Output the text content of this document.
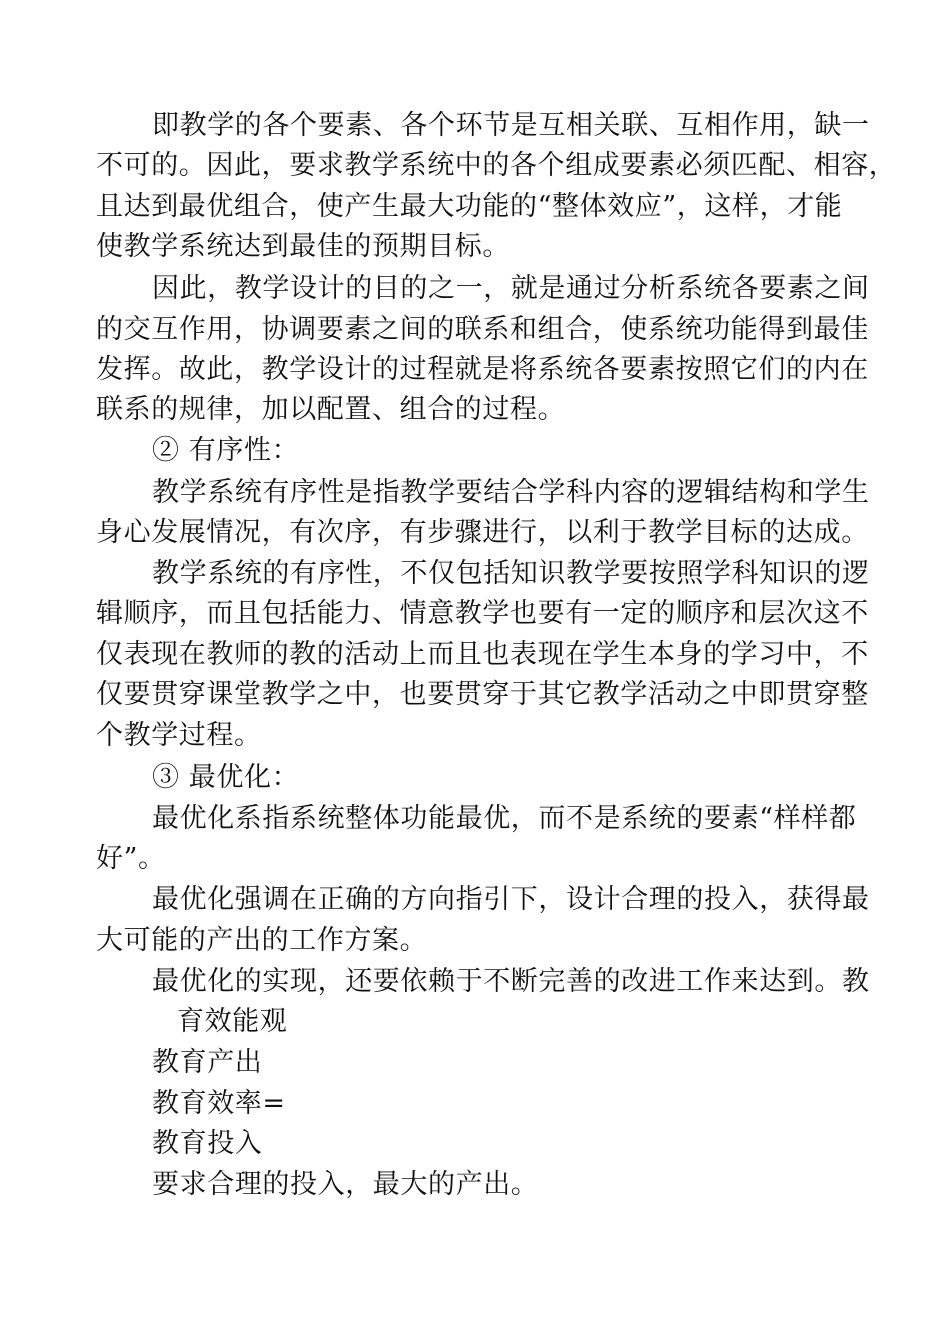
即教学的各个要素、各个环节是互相关联、互相作用，缺一
不可的。因此，要求教学系统中的各个组成要素必须匹配、相容，
且达到最优组合，使产生最大功能的“整体效应”，这样，才能
使教学系统达到最佳的预期目标。
因此，教学设计的目的之一，就是通过分析系统各要素之间
的交互作用，协调要素之间的联系和组合，使系统功能得到最佳
发挥。故此，教学设计的过程就是将系统各要素按照它们的内在
联系的规律，加以配置、组合的过程。
② 有序性：
教学系统有序性是指教学要结合学科内容的逻辑结构和学生
身心发展情况，有次序，有步骤进行，以利于教学目标的达成。
教学系统的有序性，不仅包括知识教学要按照学科知识的逻
辑顺序，而且包括能力、情意教学也要有一定的顺序和层次这不
仅表现在教师的教的活动上而且也表现在学生本身的学习中，不
仅要贯穿课堂教学之中，也要贯穿于其它教学活动之中即贯穿整
个教学过程。
③ 最优化：
最优化系指系统整体功能最优，而不是系统的要素“样样都
好”。
最优化强调在正确的方向指引下，设计合理的投入，获得最
大可能的产出的工作方案。
最优化的实现，还要依赖于不断完善的改进工作来达到。教
育效能观
教育产出
教育效率=
教育投入
要求合理的投入，最大的产出。
